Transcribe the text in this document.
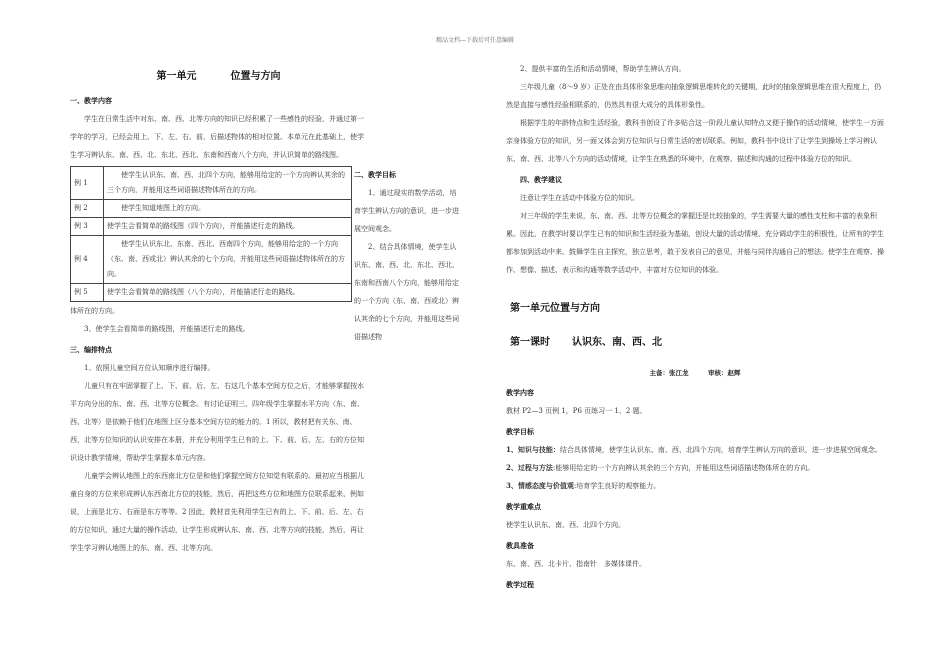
精品文档---下载后可任意编辑
第一单元	位置与方向

一、教学内容

学生在日常生活中对东、南、西、北等方向的知识已经积累了一些感性的经验，并通过第一学年的学习，已经会用上、下、左、右、前、后描述物体的相对位置。本单元在此基础上，使学生学习辨认东、南、西、北、东北、西北、东南和西南八个方向，并认识简单的路线图。

例 1	使学生认识东、南、西、北四个方向，能够用给定的一个方向辨认其余的三个方向，并能用这些词语描述物体所在的方向。
例 2	使学生知道地图上的方向。
例 3	使学生会看简单的路线图（四个方向），并能描述行走的路线。
例 4	使学生认识东北、东南、西北、西南四个方向，能够用给定的一个方向（东、南、西或北）辨认其余的七个方向，并能用这些词语描述物体所在的方向。
例 5	使学生会看简单的路线图（八个方向），并能描述行走的路线。

二、教学目标

1、通过现实的数学活动，培育学生辨认方向的意识，进一步进展空间观念。

2、结合具体情境，使学生认识东、南、西、北、东北、西北、东南和西南八个方向，能够用给定的一个方向（东、南、西或北）辨认其余的七个方向，并能用这些词语描述物

体所在的方向。

3、使学生会看简单的路线图，并能描述行走的路线。

三、编排特点

1、依照儿童空间方位认知顺序进行编排。

儿童只有在牢固掌握了上、下、前、后、左、右这几个基本空间方位之后，才能够掌握按水平方向分出的东、南、西、北等方位概念。有讨论证明三、四年级学生掌握水平方向（东、南、西、北等）是依赖于他们在地图上区分基本空间方位的能力的。1 所以，教材把有关东、南、西、北等方位知识的认识安排在本册，并充分利用学生已有的上、下、前、后、左、右的方位知识设计教学情境，帮助学生掌握本单元内容。

儿童学会辨认地图上的东西南北方位是和他们掌握空间方位知觉有联系的。最初应当根据儿童自身的方位来形成辨认东西南北方位的技能，然后，再把这些方位和地图方位联系起来，例如说，上面是北方、右面是东方等等。2 因此，教材首先利用学生已有的上、下、前、后、左、右的方位知识，通过大量的操作活动，让学生形成辨认东、南、西、北等方向的技能，然后，再让学生学习辨认地图上的东、南、西、北等方向。

2、提供丰富的生活和活动情境，帮助学生辨认方向。

三年级儿童（8～9 岁）正处在由具体形象思维向抽象逻辑思维转化的关键期，此时的抽象逻辑思维在很大程度上，仍然是直接与感性经验相联系的，仍然具有很大成分的具体形象性。

根据学生的年龄特点和生活经验，教科书创设了许多贴合这一阶段儿童认知特点又便于操作的活动情境，使学生一方面亲身体验方位的知识，另一面又体会到方位知识与日常生活的密切联系。例如，教科书中设计了让学生到操场上学习辨认东、南、西、北等八个方向的活动情境，让学生在熟悉的环境中，在观察、描述和沟通的过程中体验方位的知识。

四、教学建议

注意让学生在活动中体验方位的知识。

对三年级的学生来说，东、南、西、北等方位概念的掌握还是比较抽象的，学生需要大量的感性支柱和丰富的表象积累。因此，在教学时要以学生已有的知识和生活经验为基础，创设大量的活动情境，充分调动学生的积极性，让所有的学生都参加到活动中来。鼓舞学生自主探究，独立思考，敢于发表自己的意见，并能与同伴沟通自己的想法。使学生在观察、操作、想像、描述、表示和沟通等数学活动中，丰富对方位知识的体验。

第一单元位置与方向
第一课时 认识东、南、西、北
主备：张江龙　　　审核：赵辉

教学内容

教材 P2—3 页例 1，P6 页练习一 1、2 题。

教学目标

1、知识与技能：结合具体情境，使学生认识东、南、西、北四个方向，培育学生辨认方向的意识，进一步进展空间观念。

2、过程与方法:能够用给定的一个方向辨认其余的三个方向，并能用这些词语描述物体所在的方向。

3、情感态度与价值观:培育学生良好的观察能力。

教学重难点

使学生认识东、南、西、北四个方向。

教具准备

东、南、西、北卡片、指南针　多媒体课件。

教学过程
